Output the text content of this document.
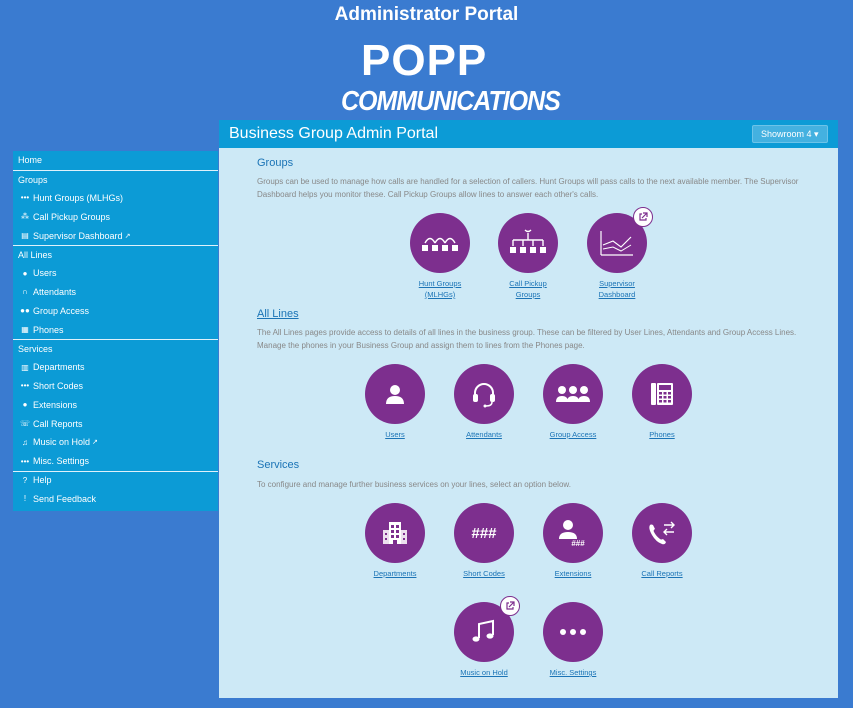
Administrator Portal
POPP
COMMUNICATIONS
Home
Groups
••• Hunt Groups (MLHGs)
⁂ Call Pickup Groups
▤ Supervisor Dashboard ↗
All Lines
● Users
∩ Attendants
●● Group Access
▦ Phones
Services
▥ Departments
••• Short Codes
● Extensions
☏ Call Reports
♫ Music on Hold ↗
••• Misc. Settings
? Help
! Send Feedback
Business Group Admin Portal	Showroom 4 ▾
Groups
Groups can be used to manage how calls are handled for a selection of callers. Hunt Groups will pass calls to the next available member. The Supervisor Dashboard helps you monitor these. Call Pickup Groups allow lines to answer each other's calls.
Hunt Groups
(MLHGs)
Call Pickup
Groups
Supervisor
Dashboard
All Lines
The All Lines pages provide access to details of all lines in the business group. These can be filtered by User Lines, Attendants and Group Access Lines. Manage the phones in your Business Group and assign them to lines from the Phones page.
Users	Attendants	Group Access	Phones
Services
To configure and manage further business services on your lines, select an option below.
Departments
###
Short Codes
###
Extensions	Call Reports
Music on Hold	Misc. Settings
